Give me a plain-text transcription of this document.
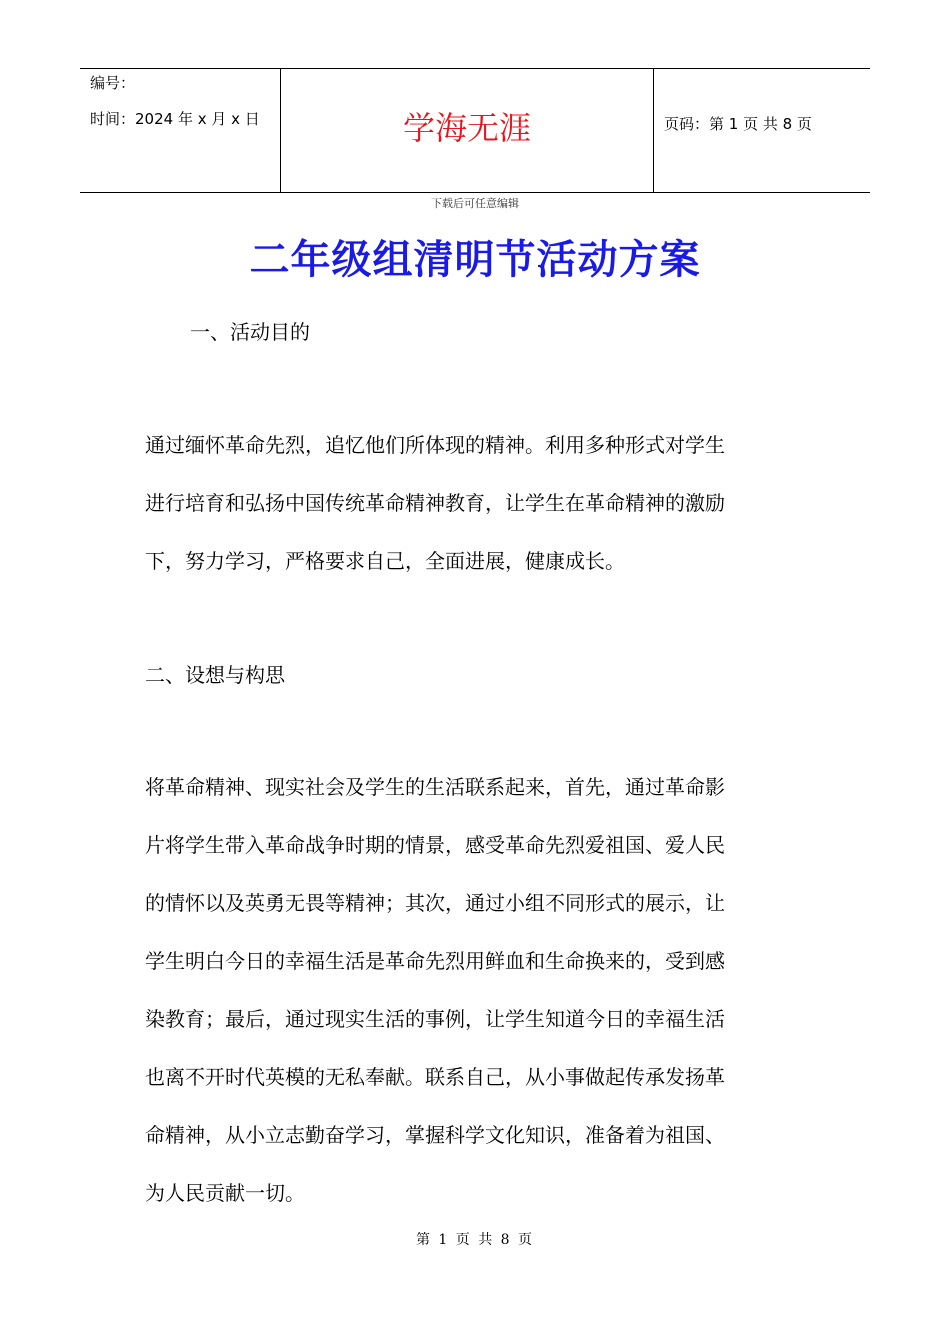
编号：
时间：2024 年 x 月 x 日	学海无涯	页码：第 1 页 共 8 页
下载后可任意编辑
二年级组清明节活动方案
一、活动目的
通过缅怀革命先烈，追忆他们所体现的精神。利用多种形式对学生
进行培育和弘扬中国传统革命精神教育，让学生在革命精神的激励
下，努力学习，严格要求自己，全面进展，健康成长。
二、设想与构思
将革命精神、现实社会及学生的生活联系起来，首先，通过革命影
片将学生带入革命战争时期的情景，感受革命先烈爱祖国、爱人民
的情怀以及英勇无畏等精神；其次，通过小组不同形式的展示，让
学生明白今日的幸福生活是革命先烈用鲜血和生命换来的，受到感
染教育；最后，通过现实生活的事例，让学生知道今日的幸福生活
也离不开时代英模的无私奉献。联系自己，从小事做起传承发扬革
命精神，从小立志勤奋学习，掌握科学文化知识，准备着为祖国、
为人民贡献一切。
第 1 页 共 8 页
